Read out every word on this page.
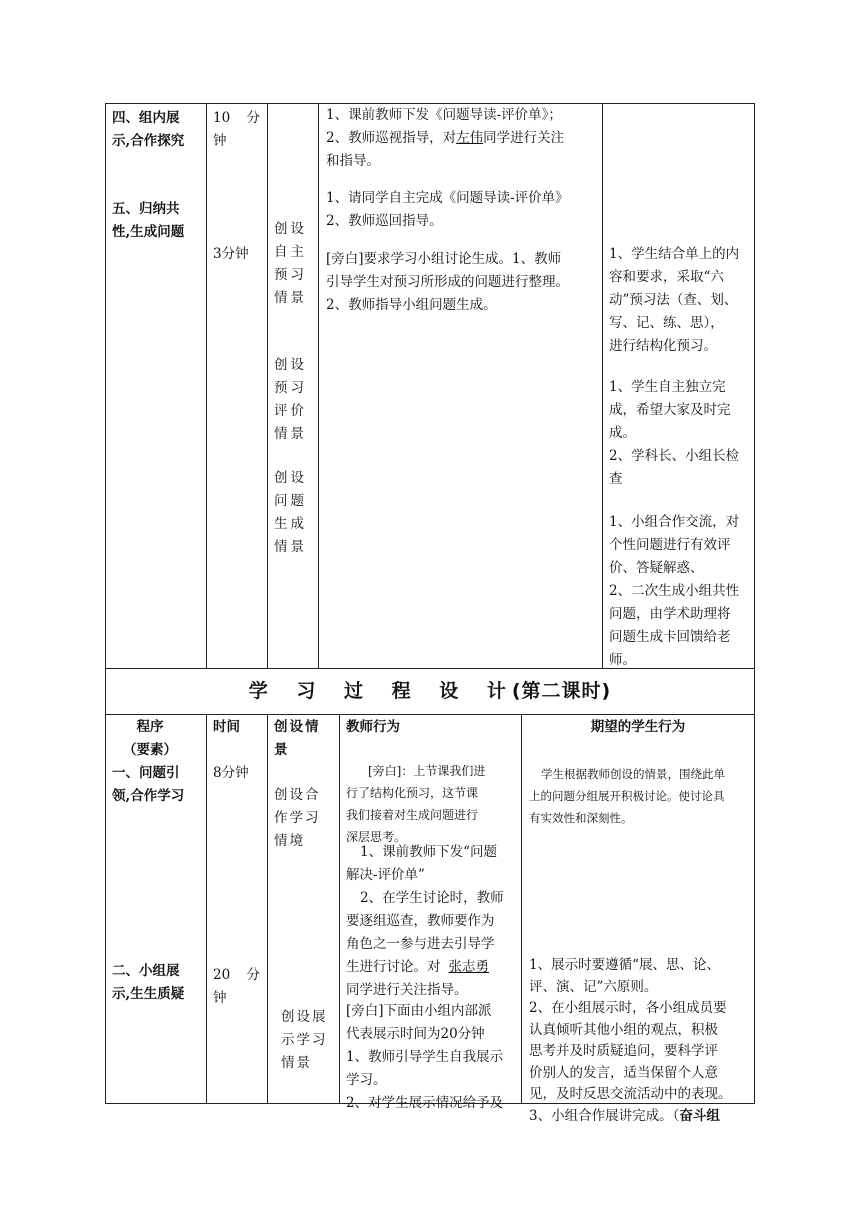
四、组内展
示,合作探究
五、归纳共
性,生成问题
10 分
钟
3分钟
创设
自主
预习
情景
创设
预习
评价
情景
创设
问题
生成
情景
1、课前教师下发《问题导读-评价单》；
2、教师巡视指导，对左伟同学进行关注
和指导。
1、请同学自主完成《问题导读-评价单》
2、教师巡回指导。
[旁白]要求学习小组讨论生成。1、教师
引导学生对预习所形成的问题进行整理。
2、教师指导小组问题生成。
1、学生结合单上的内
容和要求，采取“六
动”预习法（查、划、
写、记、练、思），
进行结构化预习。
1、学生自主独立完
成，希望大家及时完
成。
2、学科长、小组长检
查
1、小组合作交流，对
个性问题进行有效评
价、答疑解惑、
2、二次生成小组共性
问题，由学术助理将
问题生成卡回馈给老
师。
学 习 过 程 设 计(第二课时)
程序
（要素）
时间	创设情
景
教师行为	期望的学生行为
一、问题引
领,合作学习
二、小组展
示,生生质疑
8分钟
20 分
钟
创设合
作学习
情境
创设展
示学习
情景
[旁白]：上节课我们进
行了结构化预习，这节课
我们接着对生成问题进行
深层思考。
1、课前教师下发“问题
解决-评价单”
2、在学生讨论时，教师
要逐组巡查，教师要作为
角色之一参与进去引导学
生进行讨论。对 张志勇
同学进行关注指导。
[旁白]下面由小组内部派
代表展示时间为20分钟
1、教师引导学生自我展示
学习。
2、对学生展示情况给予及
学生根据教师创设的情景，围绕此单
上的问题分组展开积极讨论。使讨论具
有实效性和深刻性。
1、展示时要遵循“展、思、论、
评、演、记”六原则。
2、在小组展示时，各小组成员要
认真倾听其他小组的观点，积极
思考并及时质疑追问，要科学评
价别人的发言，适当保留个人意
见，及时反思交流活动中的表现。
3、小组合作展讲完成。（奋斗组
